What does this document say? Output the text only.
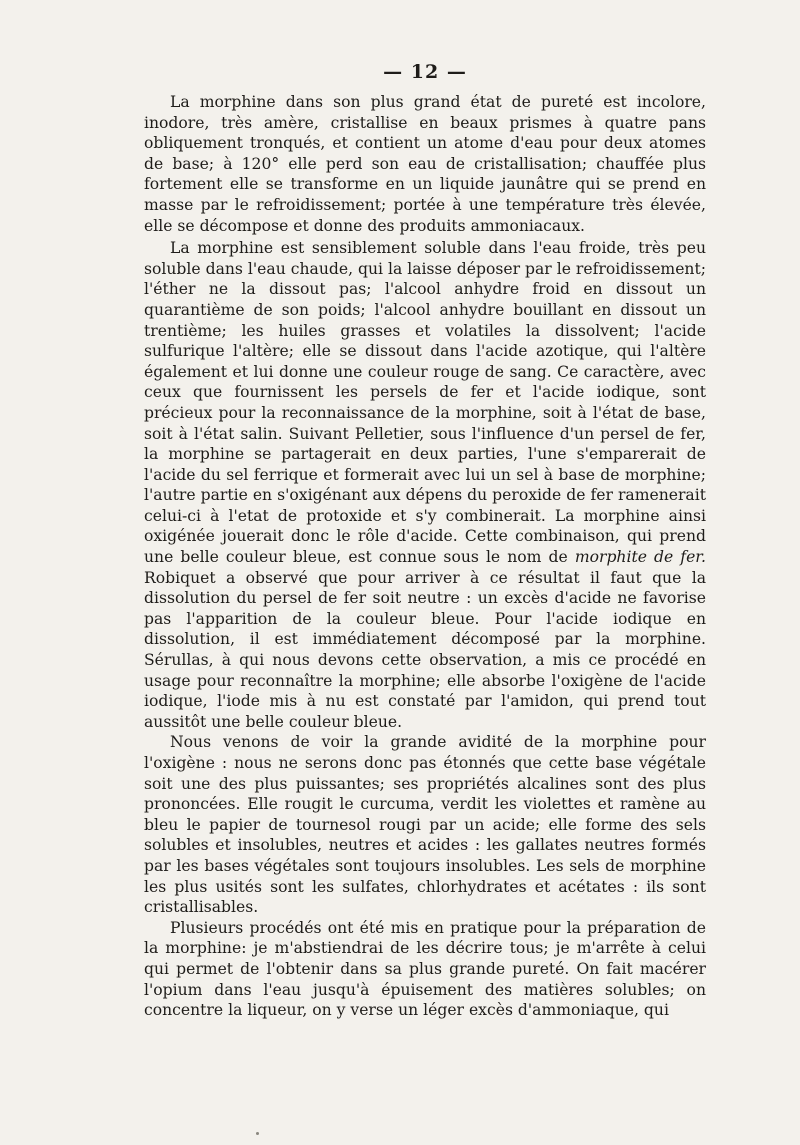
— 12 —

La morphine dans son plus grand état de pureté est incolore, inodore, très amère, cristallise en beaux prismes à quatre pans obliquement tronqués, et contient un atome d'eau pour deux atomes de base; à 120° elle perd son eau de cristallisation; chauffée plus fortement elle se transforme en un liquide jaunâtre qui se prend en masse par le refroidissement; portée à une température très élevée, elle se décompose et donne des produits ammoniacaux.

La morphine est sensiblement soluble dans l'eau froide, très peu soluble dans l'eau chaude, qui la laisse déposer par le refroidissement; l'éther ne la dissout pas; l'alcool anhydre froid en dissout un quarantième de son poids; l'alcool anhydre bouillant en dissout un trentième; les huiles grasses et volatiles la dissolvent; l'acide sulfurique l'altère; elle se dissout dans l'acide azotique, qui l'altère également et lui donne une couleur rouge de sang. Ce caractère, avec ceux que fournissent les persels de fer et l'acide iodique, sont précieux pour la reconnaissance de la morphine, soit à l'état de base, soit à l'état salin. Suivant Pelletier, sous l'influence d'un persel de fer, la morphine se partagerait en deux parties, l'une s'emparerait de l'acide du sel ferrique et formerait avec lui un sel à base de morphine; l'autre partie en s'oxigénant aux dépens du peroxide de fer ramenerait celui-ci à l'etat de protoxide et s'y combinerait. La morphine ainsi oxigénée jouerait donc le rôle d'acide. Cette combinaison, qui prend une belle couleur bleue, est connue sous le nom de morphite de fer. Robiquet a observé que pour arriver à ce résultat il faut que la dissolution du persel de fer soit neutre : un excès d'acide ne favorise pas l'apparition de la couleur bleue. Pour l'acide iodique en dissolution, il est immédiatement décomposé par la morphine. Sérullas, à qui nous devons cette observation, a mis ce procédé en usage pour reconnaître la morphine; elle absorbe l'oxigène de l'acide iodique, l'iode mis à nu est constaté par l'amidon, qui prend tout aussitôt une belle couleur bleue.

Nous venons de voir la grande avidité de la morphine pour l'oxigène : nous ne serons donc pas étonnés que cette base végétale soit une des plus puissantes; ses propriétés alcalines sont des plus prononcées. Elle rougit le curcuma, verdit les violettes et ramène au bleu le papier de tournesol rougi par un acide; elle forme des sels solubles et insolubles, neutres et acides : les gallates neutres formés par les bases végétales sont toujours insolubles. Les sels de morphine les plus usités sont les sulfates, chlorhydrates et acétates : ils sont cristallisables.

Plusieurs procédés ont été mis en pratique pour la préparation de la morphine: je m'abstiendrai de les décrire tous; je m'arrête à celui qui permet de l'obtenir dans sa plus grande pureté. On fait macérer l'opium dans l'eau jusqu'à épuisement des matières solubles; on concentre la liqueur, on y verse un léger excès d'ammoniaque, qui
